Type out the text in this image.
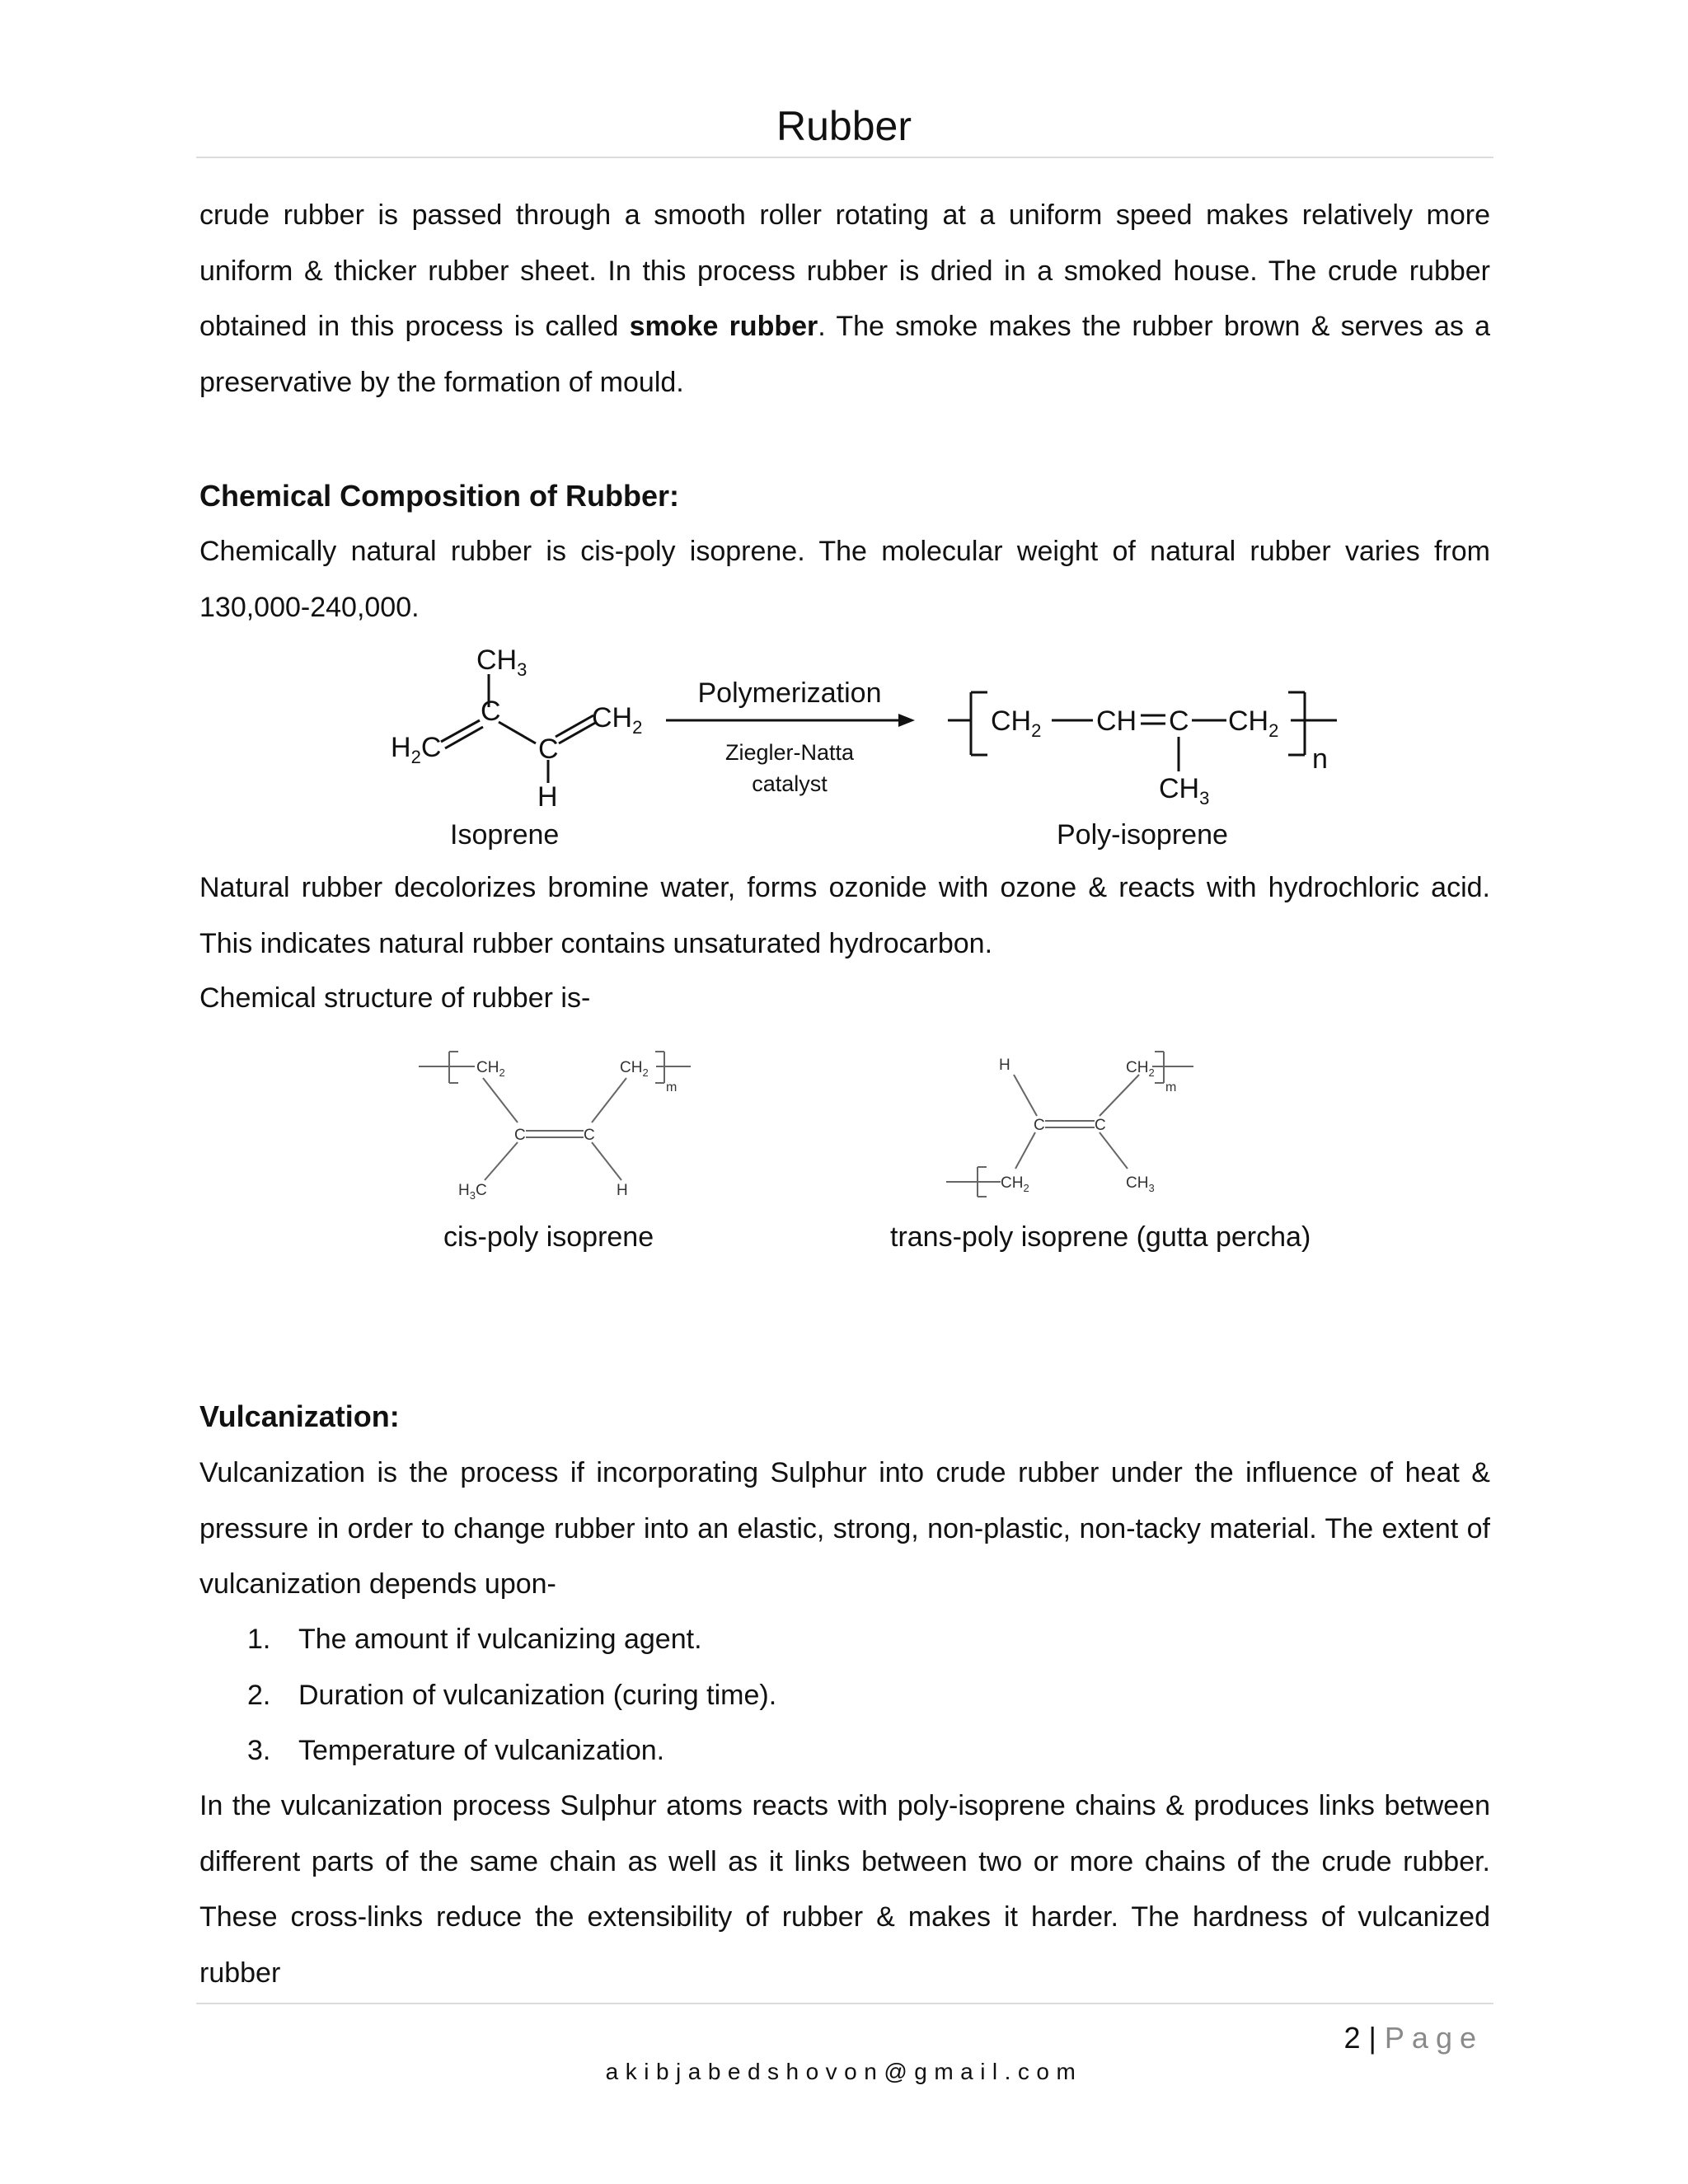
Rubber

crude rubber is passed through a smooth roller rotating at a uniform speed makes relatively more uniform & thicker rubber sheet. In this process rubber is dried in a smoked house. The crude rubber obtained in this process is called smoke rubber. The smoke makes the rubber brown & serves as a preservative by the formation of mould.

Chemical Composition of Rubber:

Chemically natural rubber is cis-poly isoprene. The molecular weight of natural rubber varies from 130,000-240,000.

$CH_3$
C
$H_2C$	C
$CH_2$
H
$CH_2$ CH C $CH_2$
$CH_3$
n
Polymerization
Ziegler-Natta
catalyst
Isoprene	Poly-isoprene

Natural rubber decolorizes bromine water, forms ozonide with ozone & reacts with hydrochloric acid. This indicates natural rubber contains unsaturated hydrocarbon.

Chemical structure of rubber is-
$CH_2$	$CH_2$
m
C	C
$H_3C$	H
H	$CH_2$
m
C	C
$CH_2$	$CH_3$
cis-poly isoprene	trans-poly isoprene (gutta percha)
Vulcanization:

Vulcanization is the process if incorporating Sulphur into crude rubber under the influence of heat & pressure in order to change rubber into an elastic, strong, non-plastic, non-tacky material. The extent of vulcanization depends upon-

1. The amount if vulcanizing agent.
2. Duration of vulcanization (curing time).
3. Temperature of vulcanization.

In the vulcanization process Sulphur atoms reacts with poly-isoprene chains & produces links between different parts of the same chain as well as it links between two or more chains of the crude rubber. These cross-links reduce the extensibility of rubber & makes it harder. The hardness of vulcanized rubber

2 | Page
akibjabedshovon@gmail.com
